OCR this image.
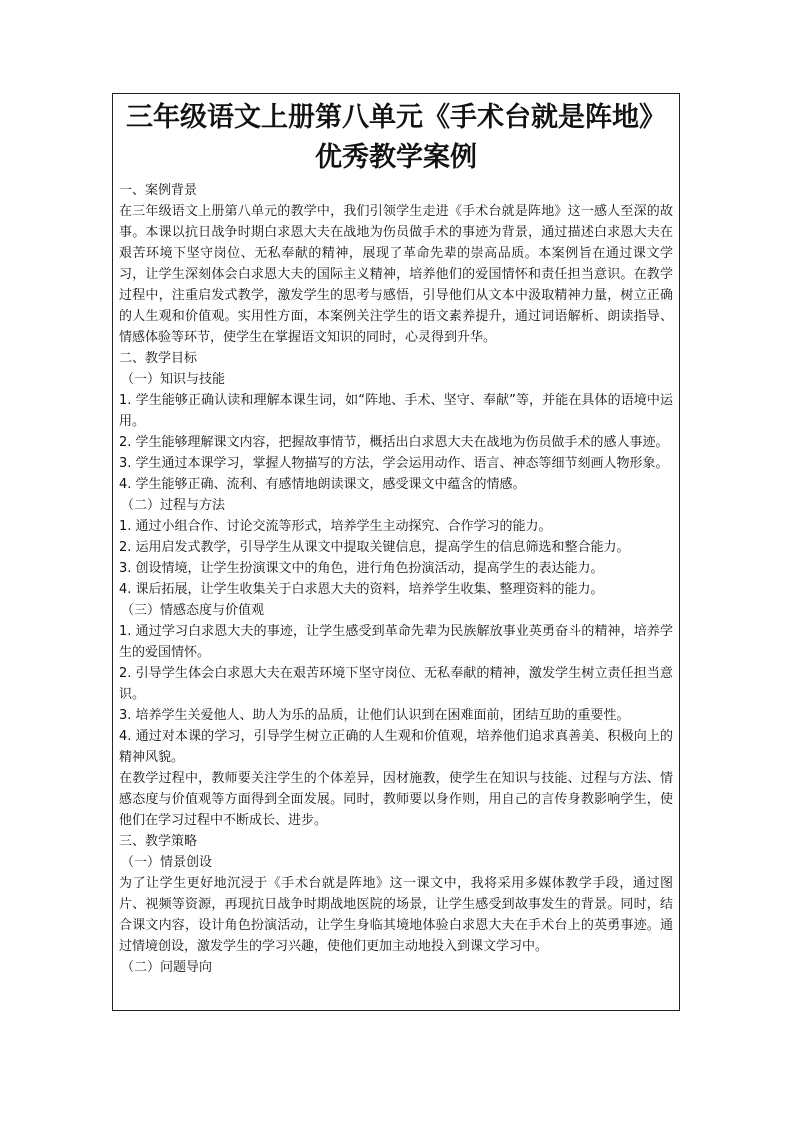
三年级语文上册第八单元《手术台就是阵地》
优秀教学案例

一、案例背景

在三年级语文上册第八单元的教学中，我们引领学生走进《手术台就是阵地》这一感人至深的故事。本课以抗日战争时期白求恩大夫在战地为伤员做手术的事迹为背景，通过描述白求恩大夫在艰苦环境下坚守岗位、无私奉献的精神，展现了革命先辈的崇高品质。本案例旨在通过课文学习，让学生深刻体会白求恩大夫的国际主义精神，培养他们的爱国情怀和责任担当意识。在教学过程中，注重启发式教学，激发学生的思考与感悟，引导他们从文本中汲取精神力量，树立正确的人生观和价值观。实用性方面，本案例关注学生的语文素养提升，通过词语解析、朗读指导、情感体验等环节，使学生在掌握语文知识的同时，心灵得到升华。

二、教学目标

（一）知识与技能

1. 学生能够正确认读和理解本课生词，如“阵地、手术、坚守、奉献”等，并能在具体的语境中运用。

2. 学生能够理解课文内容，把握故事情节，概括出白求恩大夫在战地为伤员做手术的感人事迹。

3. 学生通过本课学习，掌握人物描写的方法，学会运用动作、语言、神态等细节刻画人物形象。

4. 学生能够正确、流利、有感情地朗读课文，感受课文中蕴含的情感。

（二）过程与方法

1. 通过小组合作、讨论交流等形式，培养学生主动探究、合作学习的能力。

2. 运用启发式教学，引导学生从课文中提取关键信息，提高学生的信息筛选和整合能力。

3. 创设情境，让学生扮演课文中的角色，进行角色扮演活动，提高学生的表达能力。

4. 课后拓展，让学生收集关于白求恩大夫的资料，培养学生收集、整理资料的能力。

（三）情感态度与价值观

1. 通过学习白求恩大夫的事迹，让学生感受到革命先辈为民族解放事业英勇奋斗的精神，培养学生的爱国情怀。

2. 引导学生体会白求恩大夫在艰苦环境下坚守岗位、无私奉献的精神，激发学生树立责任担当意识。

3. 培养学生关爱他人、助人为乐的品质，让他们认识到在困难面前，团结互助的重要性。

4. 通过对本课的学习，引导学生树立正确的人生观和价值观，培养他们追求真善美、积极向上的精神风貌。

在教学过程中，教师要关注学生的个体差异，因材施教，使学生在知识与技能、过程与方法、情感态度与价值观等方面得到全面发展。同时，教师要以身作则，用自己的言传身教影响学生，使他们在学习过程中不断成长、进步。

三、教学策略

（一）情景创设

为了让学生更好地沉浸于《手术台就是阵地》这一课文中，我将采用多媒体教学手段，通过图片、视频等资源，再现抗日战争时期战地医院的场景，让学生感受到故事发生的背景。同时，结合课文内容，设计角色扮演活动，让学生身临其境地体验白求恩大夫在手术台上的英勇事迹。通过情境创设，激发学生的学习兴趣，使他们更加主动地投入到课文学习中。

（二）问题导向
